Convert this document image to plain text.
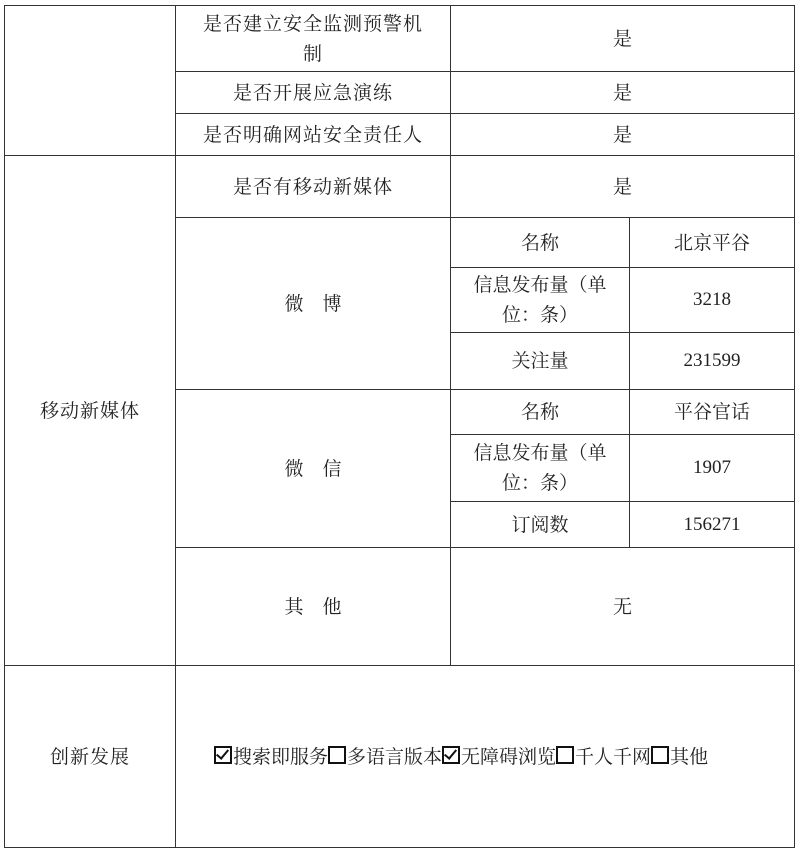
	是否建立安全监测预警机制	是	
	是否开展应急演练	是	
	是否明确网站安全责任人	是	
移动新媒体	是否有移动新媒体	是	
	微　博	名称	北京平谷
		信息发布量（单位：条）	3218
		关注量	231599
	微　信	名称	平谷官话
		信息发布量（单位：条）	1907
		订阅数	156271
	其　他	无	
创新发展	搜索即服务 多语言版本 无障碍浏览 千人千网 其他		
